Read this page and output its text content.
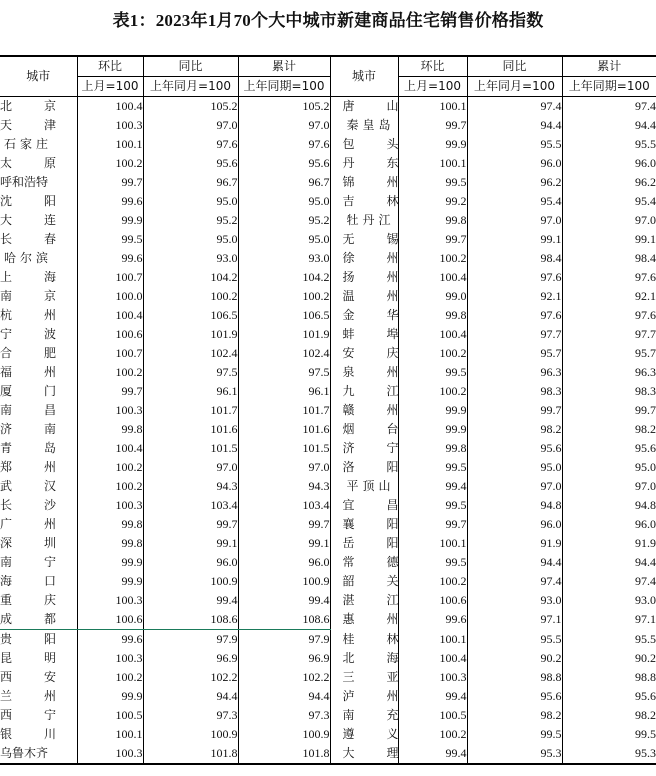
表1：2023年1月70个大中城市新建商品住宅销售价格指数
城市	环比	同比	累计	城市	环比	同比	累计
	上月=100	上年同月=100	上年同期=100		上月=100	上年同月=100	上年同期=100

北 京	100.4	105.2	105.2	唐 山	100.1	97.4	97.4

天 津	100.3	97.0	97.0	秦皇岛	99.7	94.4	94.4
石家庄	100.1	97.6	97.6	包 头	99.9	95.5	95.5

太 原	100.2	95.6	95.6	丹 东	100.1	96.0	96.0
呼和浩特	99.7	96.7	96.7	锦 州	99.5	96.2	96.2

沈 阳	99.6	95.0	95.0	吉 林	99.2	95.4	95.4

大 连	99.9	95.2	95.2	牡丹江	99.8	97.0	97.0

长 春	99.5	95.0	95.0	无 锡	99.7	99.1	99.1
哈尔滨	99.6	93.0	93.0	徐 州	100.2	98.4	98.4

上 海	100.7	104.2	104.2	扬 州	100.4	97.6	97.6

南 京	100.0	100.2	100.2	温 州	99.0	92.1	92.1

杭 州	100.4	106.5	106.5	金 华	99.8	97.6	97.6

宁 波	100.6	101.9	101.9	蚌 埠	100.4	97.7	97.7

合 肥	100.7	102.4	102.4	安 庆	100.2	95.7	95.7

福 州	100.2	97.5	97.5	泉 州	99.5	96.3	96.3

厦 门	99.7	96.1	96.1	九 江	100.2	98.3	98.3

南 昌	100.3	101.7	101.7	赣 州	99.9	99.7	99.7

济 南	99.8	101.6	101.6	烟 台	99.9	98.2	98.2

青 岛	100.4	101.5	101.5	济 宁	99.8	95.6	95.6

郑 州	100.2	97.0	97.0	洛 阳	99.5	95.0	95.0

武 汉	100.2	94.3	94.3	平顶山	99.4	97.0	97.0

长 沙	100.3	103.4	103.4	宜 昌	99.5	94.8	94.8

广 州	99.8	99.7	99.7	襄 阳	99.7	96.0	96.0

深 圳	99.8	99.1	99.1	岳 阳	100.1	91.9	91.9

南 宁	99.9	96.0	96.0	常 德	99.5	94.4	94.4

海 口	99.9	100.9	100.9	韶 关	100.2	97.4	97.4

重 庆	100.3	99.4	99.4	湛 江	100.6	93.0	93.0

成 都	100.6	108.6	108.6	惠 州	99.6	97.1	97.1

贵 阳	99.6	97.9	97.9	桂 林	100.1	95.5	95.5

昆 明	100.3	96.9	96.9	北 海	100.4	90.2	90.2

西 安	100.2	102.2	102.2	三 亚	100.3	98.8	98.8

兰 州	99.9	94.4	94.4	泸 州	99.4	95.6	95.6

西 宁	100.5	97.3	97.3	南 充	100.5	98.2	98.2

银 川	100.1	100.9	100.9	遵 义	100.2	99.5	99.5
乌鲁木齐	100.3	101.8	101.8	大 理	99.4	95.3	95.3
